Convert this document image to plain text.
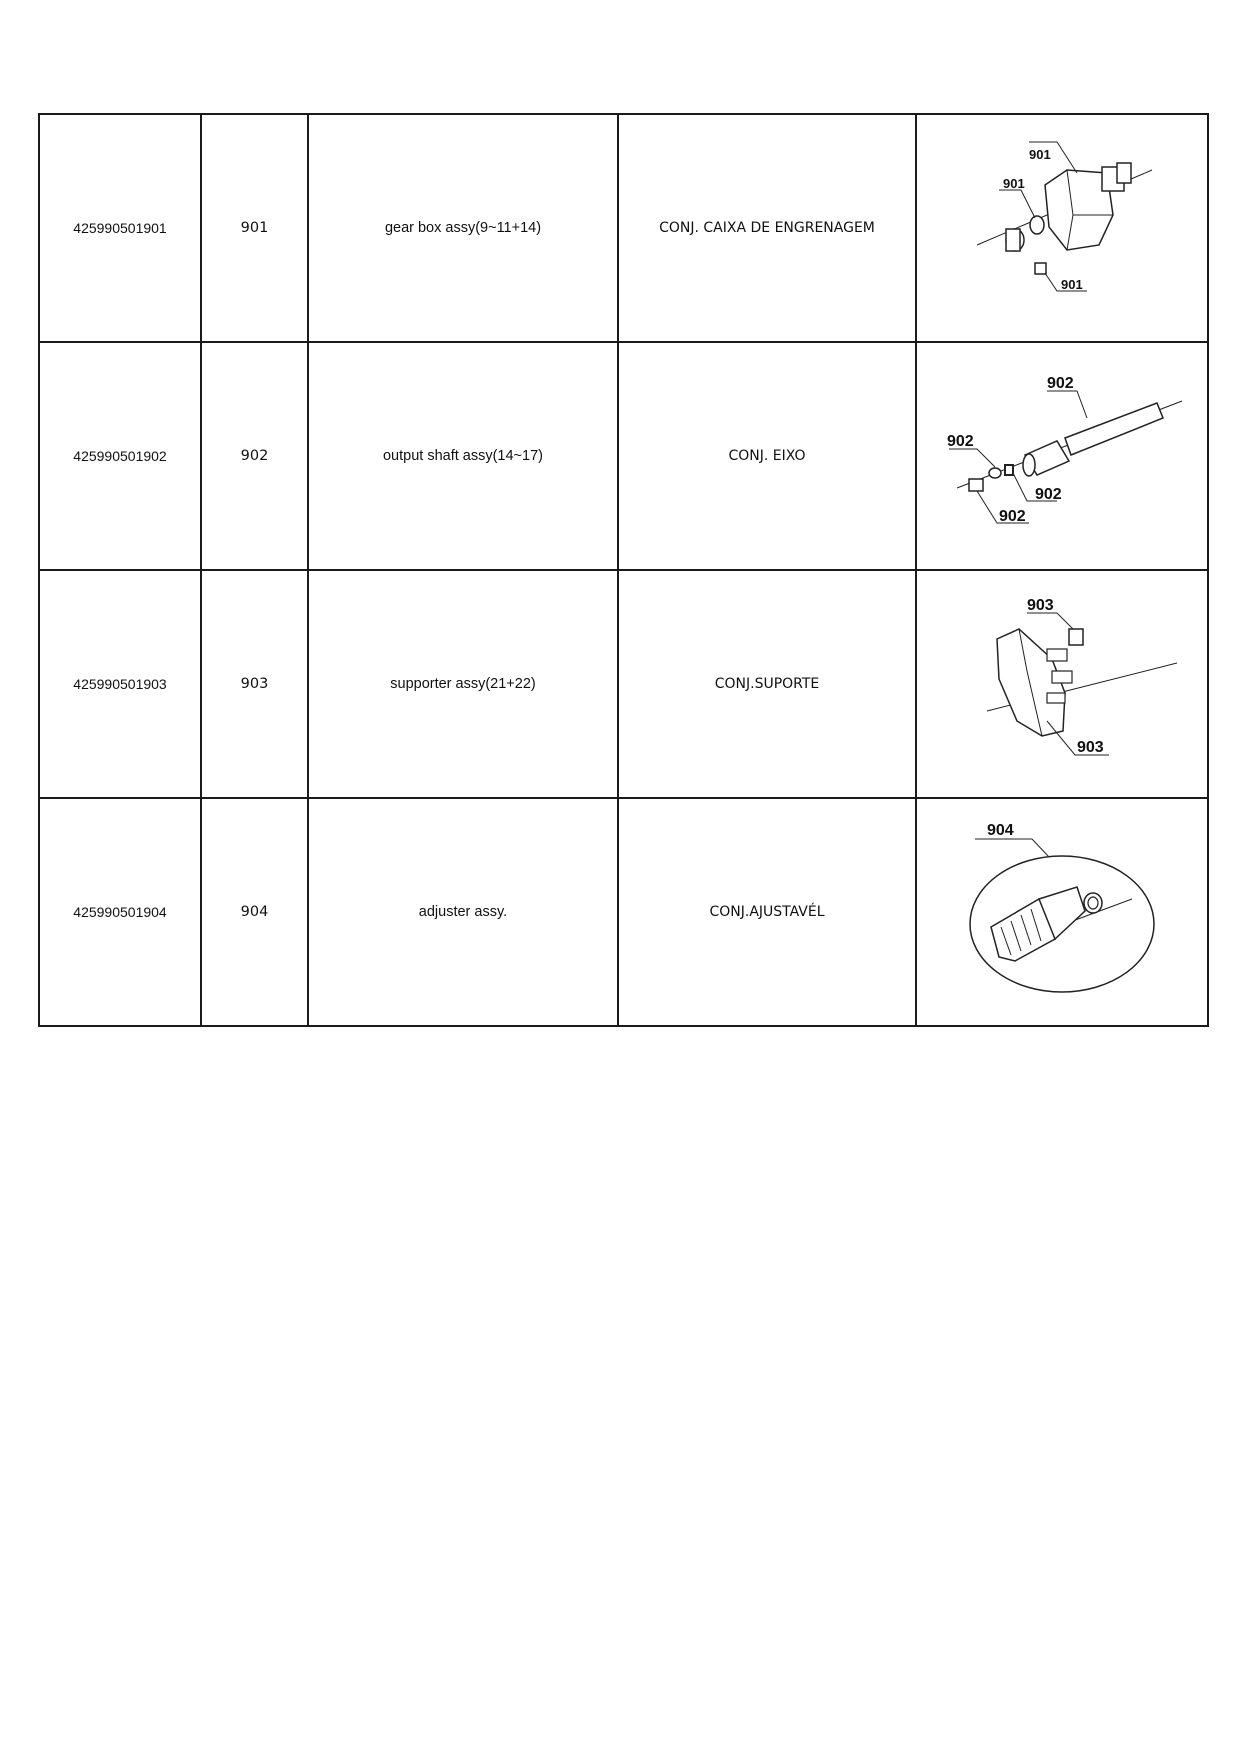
425990501901	901	gear box assy(9~11+14)	CONJ. CAIXA DE ENGRENAGEM	901
901
901

425990501902	902	output shaft assy(14~17)	CONJ. EIXO	902
902
902
902

425990501903	903	supporter assy(21+22)	CONJ.SUPORTE	903
903

425990501904	904	adjuster assy.	CONJ.AJUSTAVÉL	904
